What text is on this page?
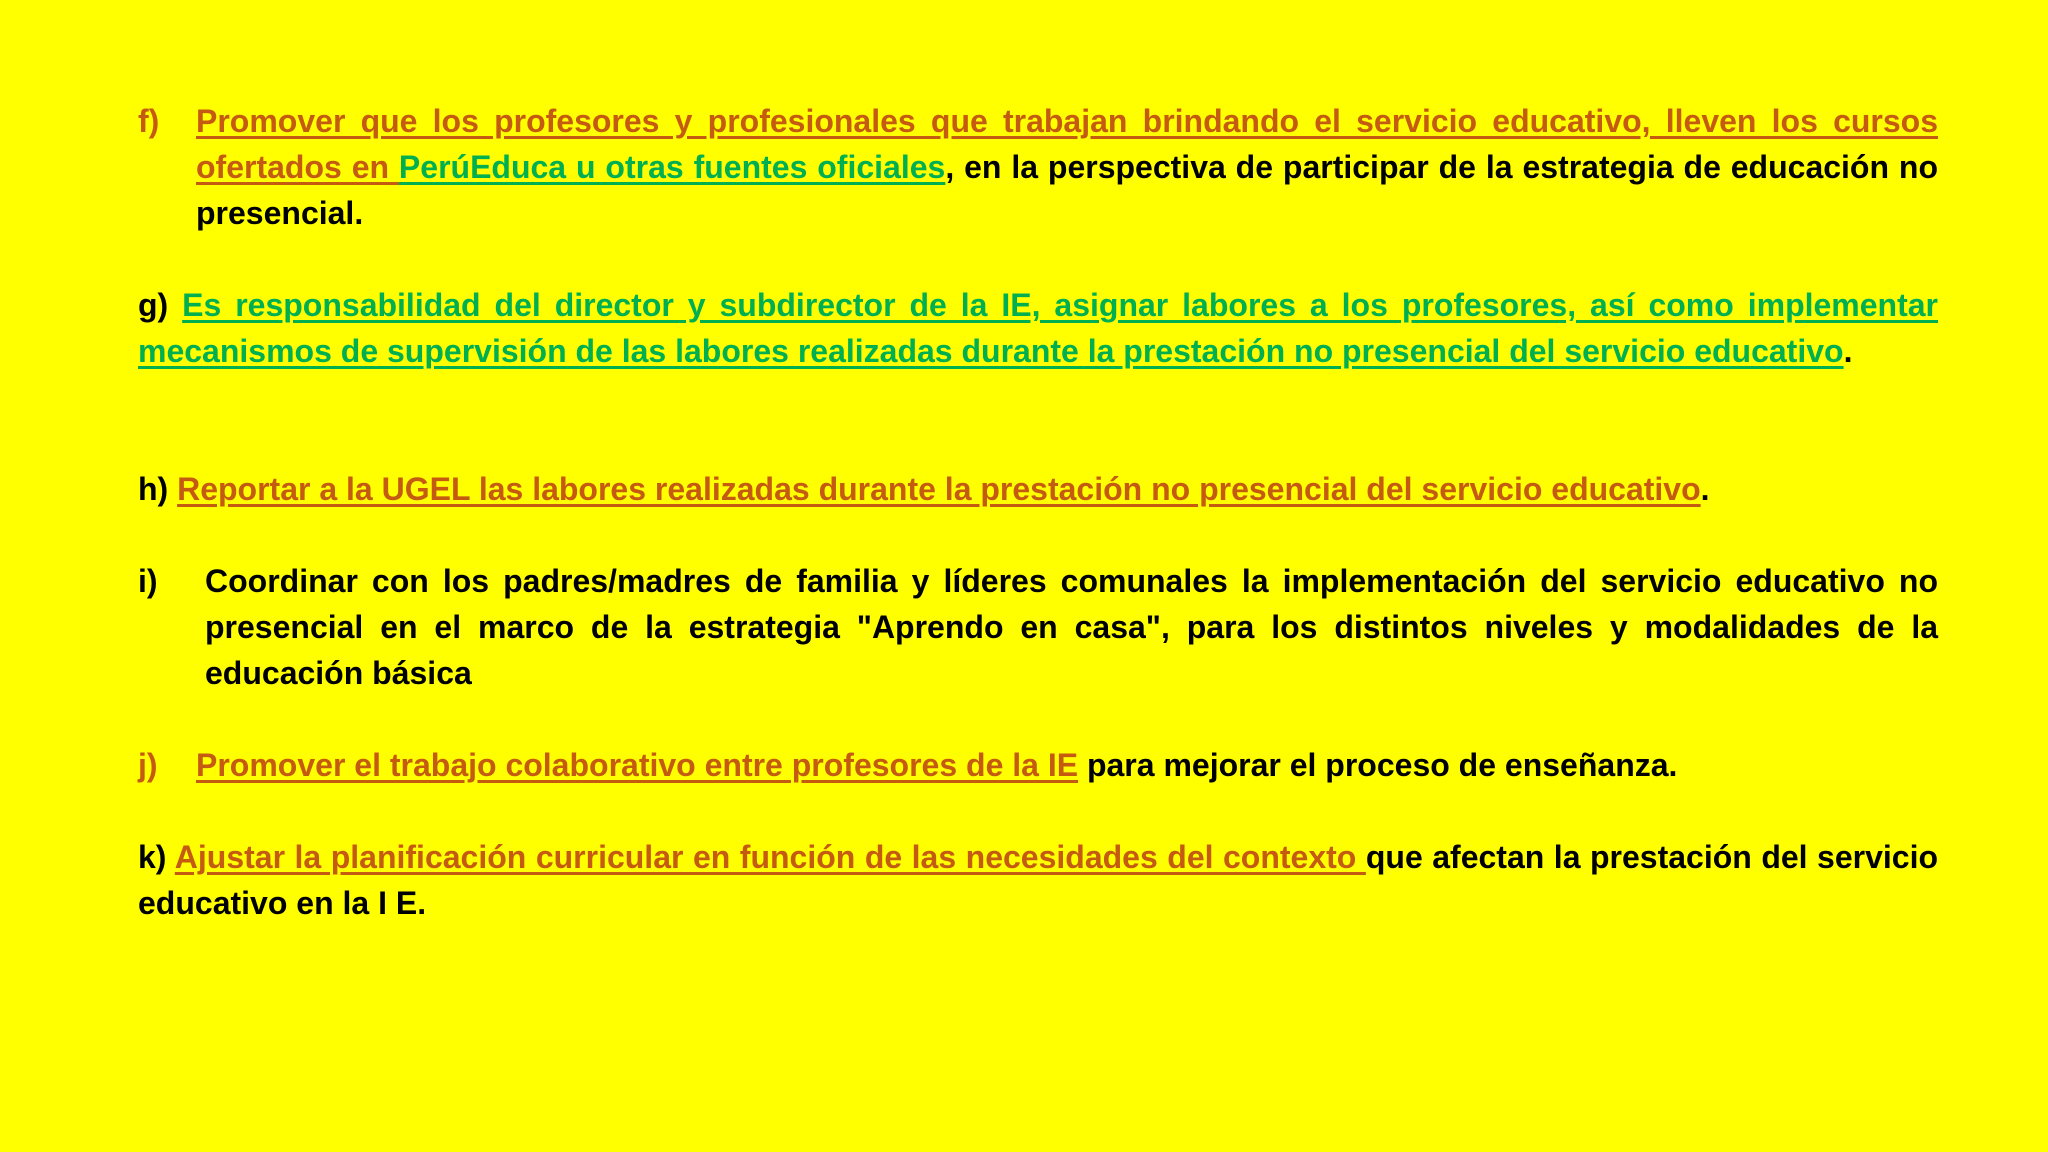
f)	Promover que los profesores y profesionales que trabajan brindando el servicio educativo, lleven los cursos ofertados en PerúEduca u otras fuentes oficiales, en la perspectiva de participar de la estrategia de educación no presencial.
g) Es responsabilidad del director y subdirector de la IE, asignar labores a los profesores, así como implementar mecanismos de supervisión de las labores realizadas durante la prestación no presencial del servicio educativo.
h) Reportar a la UGEL las labores realizadas durante la prestación no presencial del servicio educativo.
i)	Coordinar con los padres/madres de familia y líderes comunales la implementación del servicio educativo no presencial en el marco de la estrategia "Aprendo en casa", para los distintos niveles y modalidades de la educación básica
j)	Promover el trabajo colaborativo entre profesores de la IE para mejorar el proceso de enseñanza.
k) Ajustar la planificación curricular en función de las necesidades del contexto que afectan la prestación del servicio educativo en la I E.
